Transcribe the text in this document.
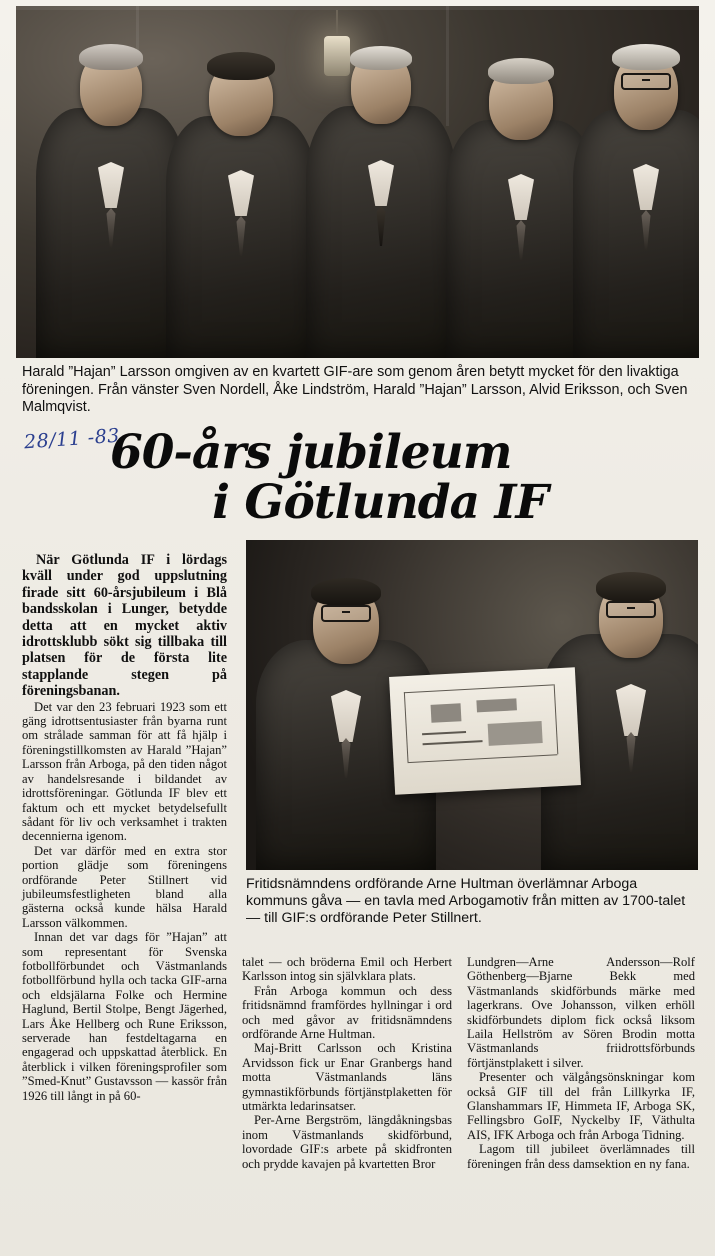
Harald ”Hajan” Larsson omgiven av en kvartett GIF-are som genom åren betytt mycket för den livaktiga föreningen. Från vänster Sven Nordell, Åke Lindström, Harald ”Hajan” Larsson, Alvid Eriksson, och Sven Malmqvist.
28/11 -83
60-års jubileum
i Götlunda IF
Fritidsnämndens ordförande Arne Hultman överlämnar Arboga kommuns gåva — en tavla med Arbogamotiv från mitten av 1700-talet — till GIF:s ordförande Peter Stillnert.

När Götlunda IF i lördags kväll under god uppslutning firade sitt 60-årsjubileum i Blå bandsskolan i Lunger, betydde detta att en mycket aktiv idrottsklubb sökt sig tillbaka till platsen för de första lite stapplande stegen på föreningsbanan.

Det var den 23 februari 1923 som ett gäng idrottsentusiaster från byarna runt om strålade samman för att få hjälp i föreningstillkomsten av Harald ”Hajan” Larsson från Arboga, på den tiden något av handelsresande i bildandet av idrottsföreningar. Götlunda IF blev ett faktum och ett mycket betydelsefullt sådant för liv och verksamhet i trakten decennierna igenom.

Det var därför med en extra stor portion glädje som föreningens ordförande Peter Stillnert vid jubileumsfestligheten bland alla gästerna också kunde hälsa Harald Larsson välkommen.

Innan det var dags för ”Hajan” att som representant för Svenska fotbollförbundet och Västmanlands fotbollförbund hylla och tacka GIF-arna och eldsjälarna Folke och Hermine Haglund, Bertil Stolpe, Bengt Jägerhed, Lars Åke Hellberg och Rune Eriksson, serverade han festdeltagarna en engagerad och uppskattad återblick. En återblick i vilken föreningsprofiler som ”Smed-Knut” Gustavsson — kassör från 1926 till långt in på 60-

talet — och bröderna Emil och Herbert Karlsson intog sin självklara plats.

Från Arboga kommun och dess fritidsnämnd framfördes hyllningar i ord och med gåvor av fritidsnämndens ordförande Arne Hultman.

Maj-Britt Carlsson och Kristina Arvidsson fick ur Enar Granbergs hand motta Västmanlands läns gymnastikförbunds förtjänstplaketten för utmärkta ledarinsatser.

Per-Arne Bergström, längdåkningsbas inom Västmanlands skidförbund, lovordade GIF:s arbete på skidfronten och prydde kavajen på kvartetten Bror

Lundgren—Arne Andersson—Rolf Göthenberg—Bjarne Bekk med Västmanlands skidförbunds märke med lagerkrans. Ove Johansson, vilken erhöll skidförbundets diplom fick också liksom Laila Hellström av Sören Brodin motta Västmanlands friidrottsförbunds förtjänstplakett i silver.

Presenter och välgångsönskningar kom också GIF till del från Lillkyrka IF, Glanshammars IF, Himmeta IF, Arboga SK, Fellingsbro GoIF, Nyckelby IF, Väthulta AIS, IFK Arboga och från Arboga Tidning.

Lagom till jubileet överlämnades till föreningen från dess damsektion en ny fana.
